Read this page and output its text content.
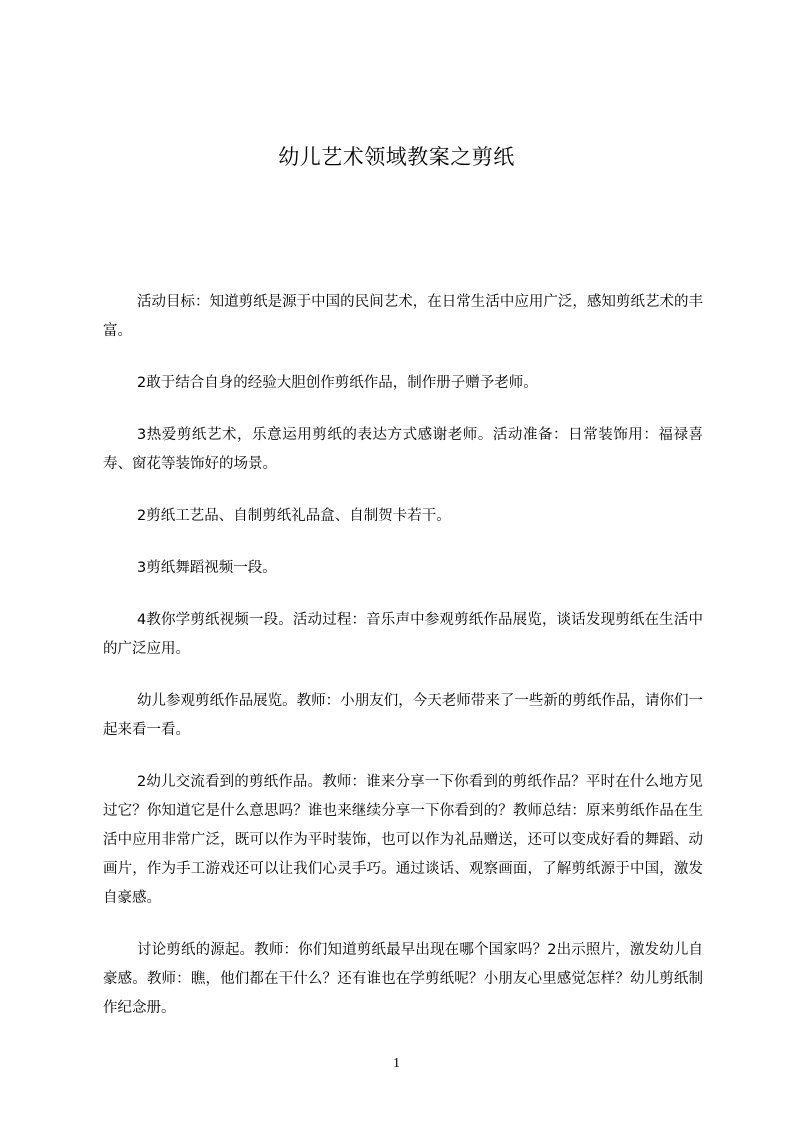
幼儿艺术领域教案之剪纸

活动目标：知道剪纸是源于中国的民间艺术，在日常生活中应用广泛，感知剪纸艺术的丰富。

2敢于结合自身的经验大胆创作剪纸作品，制作册子赠予老师。

3热爱剪纸艺术，乐意运用剪纸的表达方式感谢老师。活动准备：日常装饰用：福禄喜寿、窗花等装饰好的场景。

2剪纸工艺品、自制剪纸礼品盒、自制贺卡若干。

3剪纸舞蹈视频一段。

4教你学剪纸视频一段。活动过程：音乐声中参观剪纸作品展览，谈话发现剪纸在生活中的广泛应用。

幼儿参观剪纸作品展览。教师：小朋友们，今天老师带来了一些新的剪纸作品，请你们一起来看一看。

2幼儿交流看到的剪纸作品。教师：谁来分享一下你看到的剪纸作品？平时在什么地方见过它？你知道它是什么意思吗？谁也来继续分享一下你看到的？教师总结：原来剪纸作品在生活中应用非常广泛，既可以作为平时装饰，也可以作为礼品赠送，还可以变成好看的舞蹈、动画片，作为手工游戏还可以让我们心灵手巧。通过谈话、观察画面，了解剪纸源于中国，激发自豪感。

讨论剪纸的源起。教师：你们知道剪纸最早出现在哪个国家吗？2出示照片，激发幼儿自豪感。教师：瞧，他们都在干什么？还有谁也在学剪纸呢？小朋友心里感觉怎样？幼儿剪纸制作纪念册。

1
